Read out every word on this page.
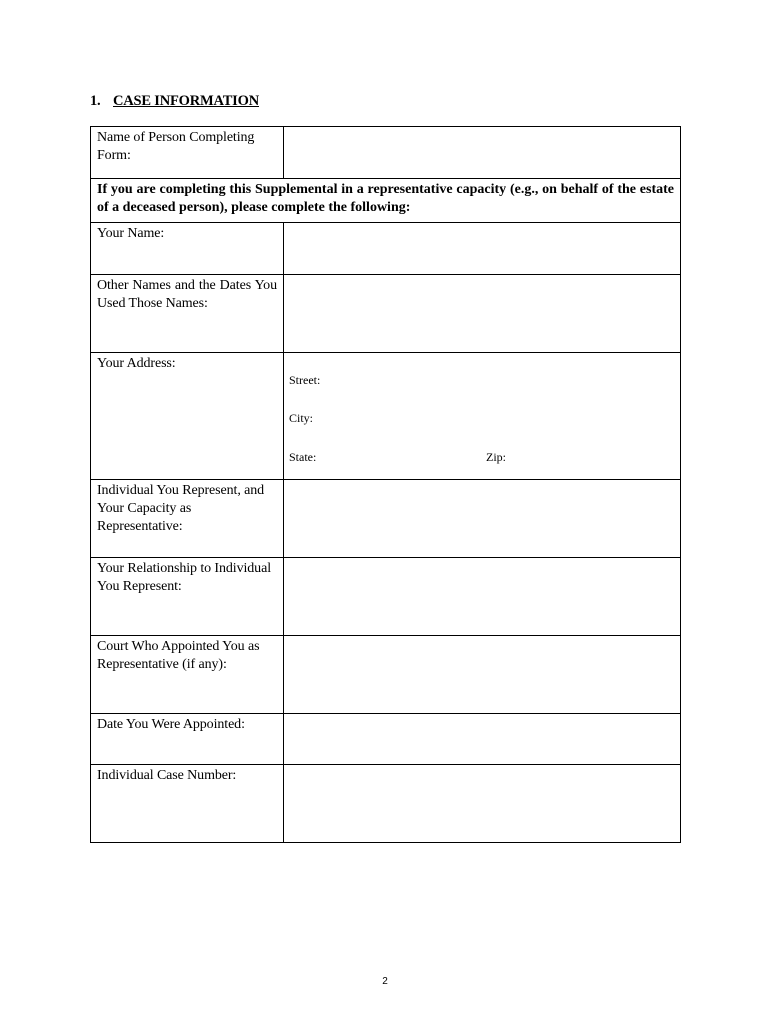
1. CASE INFORMATION
Name of Person Completing Form:	

If you are completing this Supplemental in a representative capacity (e.g., on behalf of the estate of a deceased person), please complete the following:	

Your Name:	

Other Names and the Dates You Used Those Names:	

Your Address:	Street:
City:
State: Zip:

Individual You Represent, and Your Capacity as Representative:	

Your Relationship to Individual You Represent:	

Court Who Appointed You as Representative (if any):	

Date You Were Appointed:	

Individual Case Number:	

2
